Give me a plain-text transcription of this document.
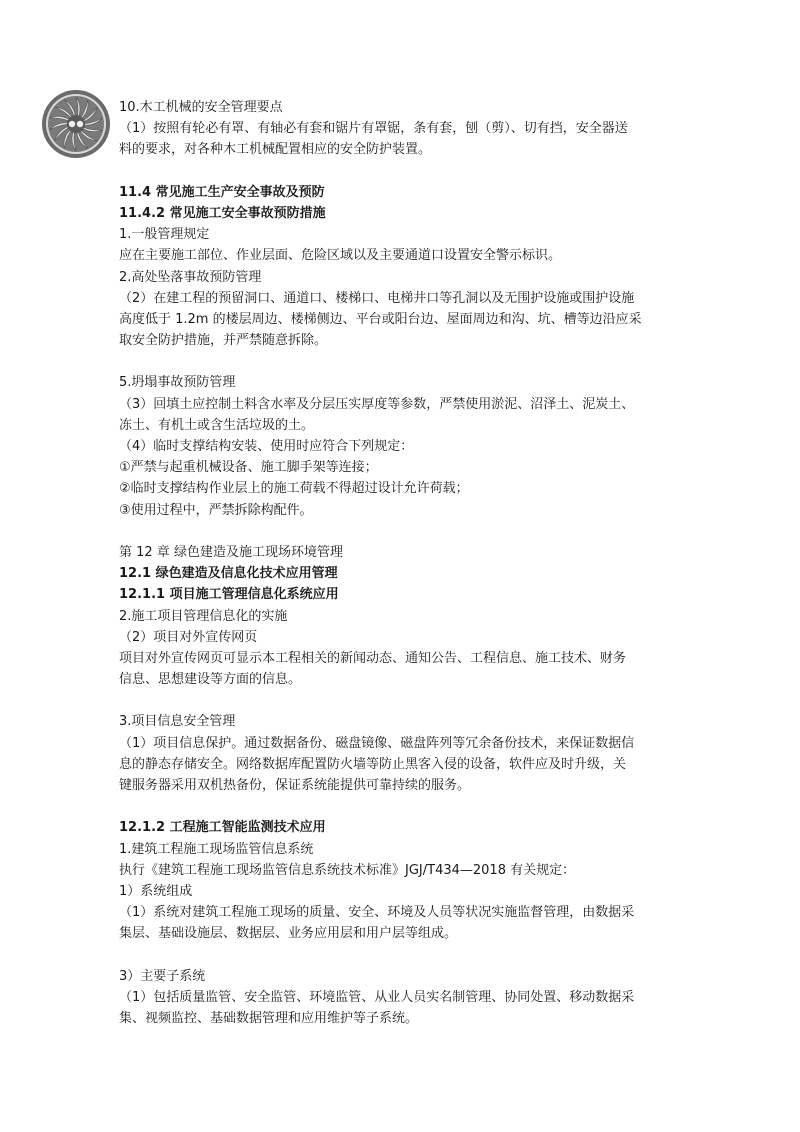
10.木工机械的安全管理要点
（1）按照有轮必有罩、有轴必有套和锯片有罩锯，条有套，刨（剪）、切有挡，安全器送
料的要求，对各种木工机械配置相应的安全防护装置。
11.4 常见施工生产安全事故及预防
11.4.2 常见施工安全事故预防措施
1.一般管理规定
应在主要施工部位、作业层面、危险区域以及主要通道口设置安全警示标识。
2.高处坠落事故预防管理
（2）在建工程的预留洞口、通道口、楼梯口、电梯井口等孔洞以及无围护设施或围护设施
高度低于 1.2m 的楼层周边、楼梯侧边、平台或阳台边、屋面周边和沟、坑、槽等边沿应采
取安全防护措施，并严禁随意拆除。
5.坍塌事故预防管理
（3）回填土应控制土料含水率及分层压实厚度等参数，严禁使用淤泥、沼泽土、泥炭土、
冻土、有机土或含生活垃圾的土。
（4）临时支撑结构安装、使用时应符合下列规定：
①严禁与起重机械设备、施工脚手架等连接；
②临时支撑结构作业层上的施工荷载不得超过设计允许荷载；
③使用过程中，严禁拆除构配件。
第 12 章 绿色建造及施工现场环境管理
12.1 绿色建造及信息化技术应用管理
12.1.1 项目施工管理信息化系统应用
2.施工项目管理信息化的实施
（2）项目对外宣传网页
项目对外宣传网页可显示本工程相关的新闻动态、通知公告、工程信息、施工技术、财务
信息、思想建设等方面的信息。
3.项目信息安全管理
（1）项目信息保护。通过数据备份、磁盘镜像、磁盘阵列等冗余备份技术，来保证数据信
息的静态存储安全。网络数据库配置防火墙等防止黑客入侵的设备，软件应及时升级，关
键服务器采用双机热备份，保证系统能提供可靠持续的服务。
12.1.2 工程施工智能监测技术应用
1.建筑工程施工现场监管信息系统
执行《建筑工程施工现场监管信息系统技术标准》JGJ/T434—2018 有关规定：
1）系统组成
（1）系统对建筑工程施工现场的质量、安全、环境及人员等状况实施监督管理，由数据采
集层、基础设施层、数据层、业务应用层和用户层等组成。
3）主要子系统
（1）包括质量监管、安全监管、环境监管、从业人员实名制管理、协同处置、移动数据采
集、视频监控、基础数据管理和应用维护等子系统。
